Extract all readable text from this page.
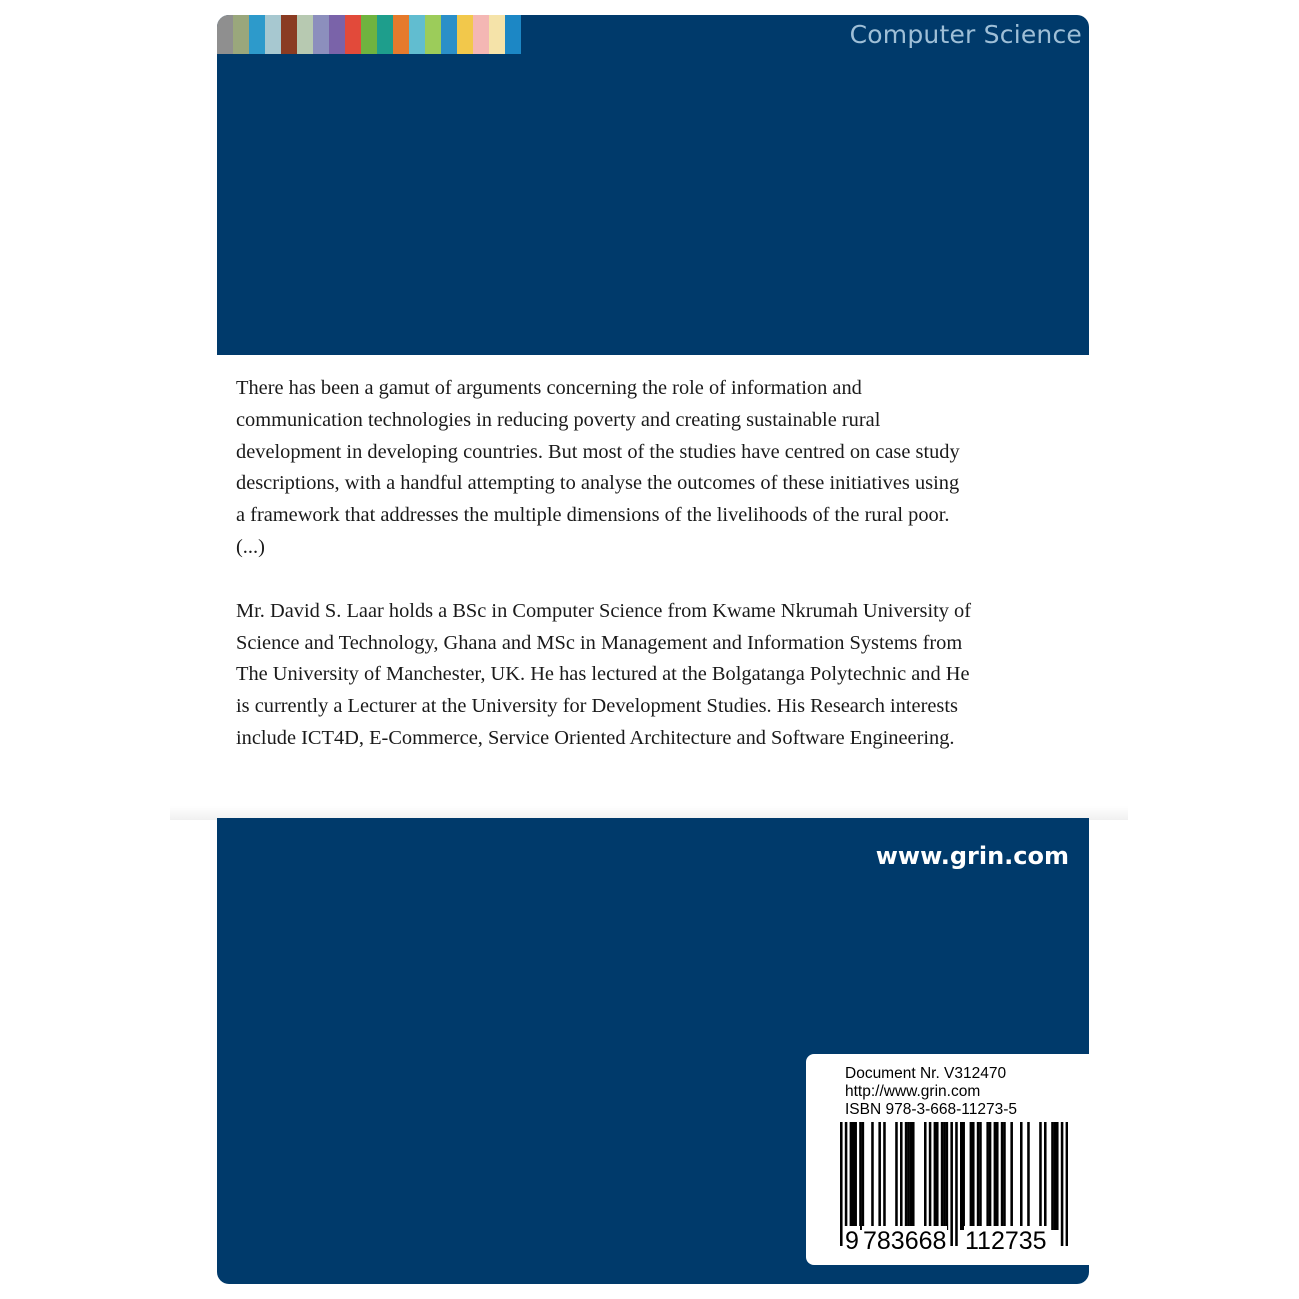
Computer Science

There has been a gamut of arguments concerning the role of information and
communication technologies in reducing poverty and creating sustainable rural
development in developing countries. But most of the studies have centred on case study
descriptions, with a handful attempting to analyse the outcomes of these initiatives using
a framework that addresses the multiple dimensions of the livelihoods of the rural poor.
(...)

Mr. David S. Laar holds a BSc in Computer Science from Kwame Nkrumah University of
Science and Technology, Ghana and MSc in Management and Information Systems from
The University of Manchester, UK. He has lectured at the Bolgatanga Polytechnic and He
is currently a Lecturer at the University for Development Studies. His Research interests
include ICT4D, E-Commerce, Service Oriented Architecture and Software Engineering.

www.grin.com
Document Nr. V312470
http://www.grin.com
ISBN 978-3-668-11273-5
9 783668 112735
